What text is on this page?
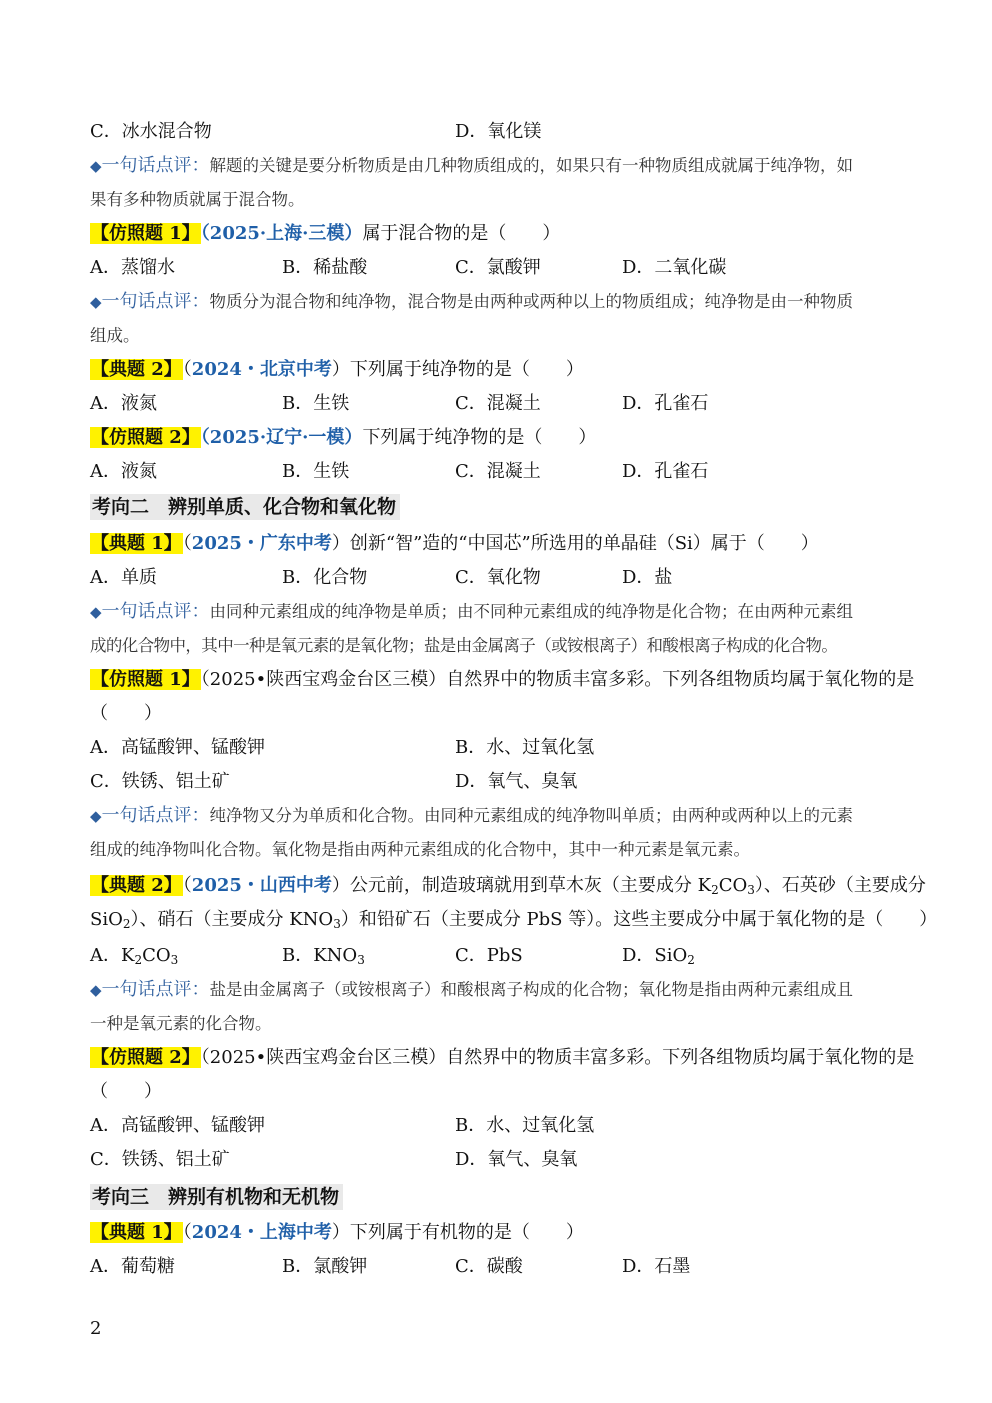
C．冰水混合物	D．氧化镁
◆一句话点评：解题的关键是要分析物质是由几种物质组成的，如果只有一种物质组成就属于纯净物，如
果有多种物质就属于混合物。
【仿照题 1】（2025·上海·三模）属于混合物的是（　　）
A．蒸馏水	B．稀盐酸	C．氯酸钾	D．二氧化碳
◆一句话点评：物质分为混合物和纯净物，混合物是由两种或两种以上的物质组成；纯净物是由一种物质
组成。
【典题 2】（2024・北京中考）下列属于纯净物的是（　　）
A．液氮	B．生铁	C．混凝土	D．孔雀石
【仿照题 2】（2025·辽宁·一模）下列属于纯净物的是（　　）
A．液氮	B．生铁	C．混凝土	D．孔雀石
考向二　辨别单质、化合物和氧化物
【典题 1】（2025・广东中考）创新“智”造的“中国芯”所选用的单晶硅（Si）属于（　　）
A．单质	B．化合物	C．氧化物	D．盐
◆一句话点评：由同种元素组成的纯净物是单质；由不同种元素组成的纯净物是化合物；在由两种元素组
成的化合物中，其中一种是氧元素的是氧化物；盐是由金属离子（或铵根离子）和酸根离子构成的化合物。
【仿照题 1】（2025•陕西宝鸡金台区三模）自然界中的物质丰富多彩。下列各组物质均属于氧化物的是
（　　）
A．高锰酸钾、锰酸钾	B．水、过氧化氢
C．铁锈、铝土矿	D．氧气、臭氧
◆一句话点评：纯净物又分为单质和化合物。由同种元素组成的纯净物叫单质；由两种或两种以上的元素
组成的纯净物叫化合物。氧化物是指由两种元素组成的化合物中，其中一种元素是氧元素。
【典题 2】（2025・山西中考）公元前，制造玻璃就用到草木灰（主要成分 $K_2CO_3$）、石英砂（主要成分
SiO$_2$）、硝石（主要成分 $KNO_3$）和铅矿石（主要成分 PbS 等）。这些主要成分中属于氧化物的是（　　）
A．$K_2CO_3$	B．$KNO_3$	C．PbS	D．SiO$_2$
◆一句话点评：盐是由金属离子（或铵根离子）和酸根离子构成的化合物；氧化物是指由两种元素组成且
一种是氧元素的化合物。
【仿照题 2】（2025•陕西宝鸡金台区三模）自然界中的物质丰富多彩。下列各组物质均属于氧化物的是
（　　）
A．高锰酸钾、锰酸钾	B．水、过氧化氢
C．铁锈、铝土矿	D．氧气、臭氧
考向三　辨别有机物和无机物
【典题 1】（2024・上海中考）下列属于有机物的是（　　）
A．葡萄糖	B．氯酸钾	C．碳酸	D．石墨
2
